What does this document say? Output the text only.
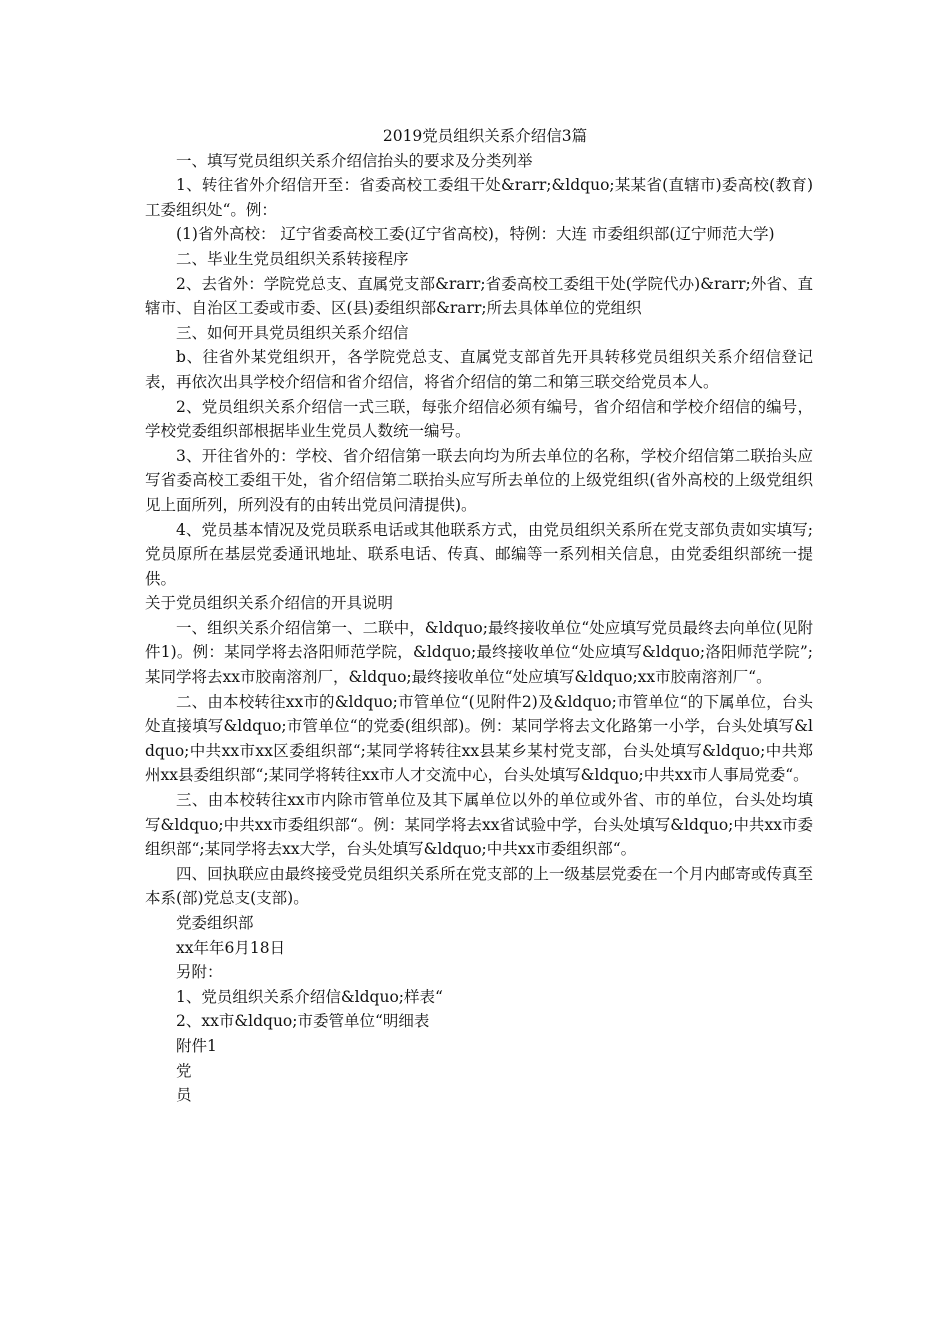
2019党员组织关系介绍信3篇

一、填写党员组织关系介绍信抬头的要求及分类列举

1、转往省外介绍信开至：省委高校工委组干处&rarr;&ldquo;某某省(直辖市)委高校(教育)工委组织处“。例：

(1)省外高校： 辽宁省委高校工委(辽宁省高校)，特例：大连 市委组织部(辽宁师范大学)

二、毕业生党员组织关系转接程序

2、去省外：学院党总支、直属党支部&rarr;省委高校工委组干处(学院代办)&rarr;外省、直辖市、自治区工委或市委、区(县)委组织部&rarr;所去具体单位的党组织

三、如何开具党员组织关系介绍信

b、往省外某党组织开，各学院党总支、直属党支部首先开具转移党员组织关系介绍信登记表，再依次出具学校介绍信和省介绍信，将省介绍信的第二和第三联交给党员本人。

2、党员组织关系介绍信一式三联，每张介绍信必须有编号，省介绍信和学校介绍信的编号，学校党委组织部根据毕业生党员人数统一编号。

3、开往省外的：学校、省介绍信第一联去向均为所去单位的名称，学校介绍信第二联抬头应写省委高校工委组干处，省介绍信第二联抬头应写所去单位的上级党组织(省外高校的上级党组织见上面所列，所列没有的由转出党员问清提供)。

4、党员基本情况及党员联系电话或其他联系方式，由党员组织关系所在党支部负责如实填写;党员原所在基层党委通讯地址、联系电话、传真、邮编等一系列相关信息，由党委组织部统一提供。

关于党员组织关系介绍信的开具说明

一、组织关系介绍信第一、二联中，&ldquo;最终接收单位“处应填写党员最终去向单位(见附件1)。例：某同学将去洛阳师范学院，&ldquo;最终接收单位“处应填写&ldquo;洛阳师范学院”;某同学将去xx市胶南溶剂厂，&ldquo;最终接收单位“处应填写&ldquo;xx市胶南溶剂厂“。

二、由本校转往xx市的&ldquo;市管单位“(见附件2)及&ldquo;市管单位“的下属单位，台头处直接填写&ldquo;市管单位“的党委(组织部)。例：某同学将去文化路第一小学，台头处填写&ldquo;中共xx市xx区委组织部“;某同学将转往xx县某乡某村党支部，台头处填写&ldquo;中共郑州xx县委组织部“;某同学将转往xx市人才交流中心，台头处填写&ldquo;中共xx市人事局党委“。

三、由本校转往xx市内除市管单位及其下属单位以外的单位或外省、市的单位，台头处均填写&ldquo;中共xx市委组织部“。例：某同学将去xx省试验中学，台头处填写&ldquo;中共xx市委组织部“;某同学将去xx大学，台头处填写&ldquo;中共xx市委组织部“。

四、回执联应由最终接受党员组织关系所在党支部的上一级基层党委在一个月内邮寄或传真至本系(部)党总支(支部)。

党委组织部

xx年年6月18日

另附：

1、党员组织关系介绍信&ldquo;样表“

2、xx市&ldquo;市委管单位“明细表

附件1

党

员
